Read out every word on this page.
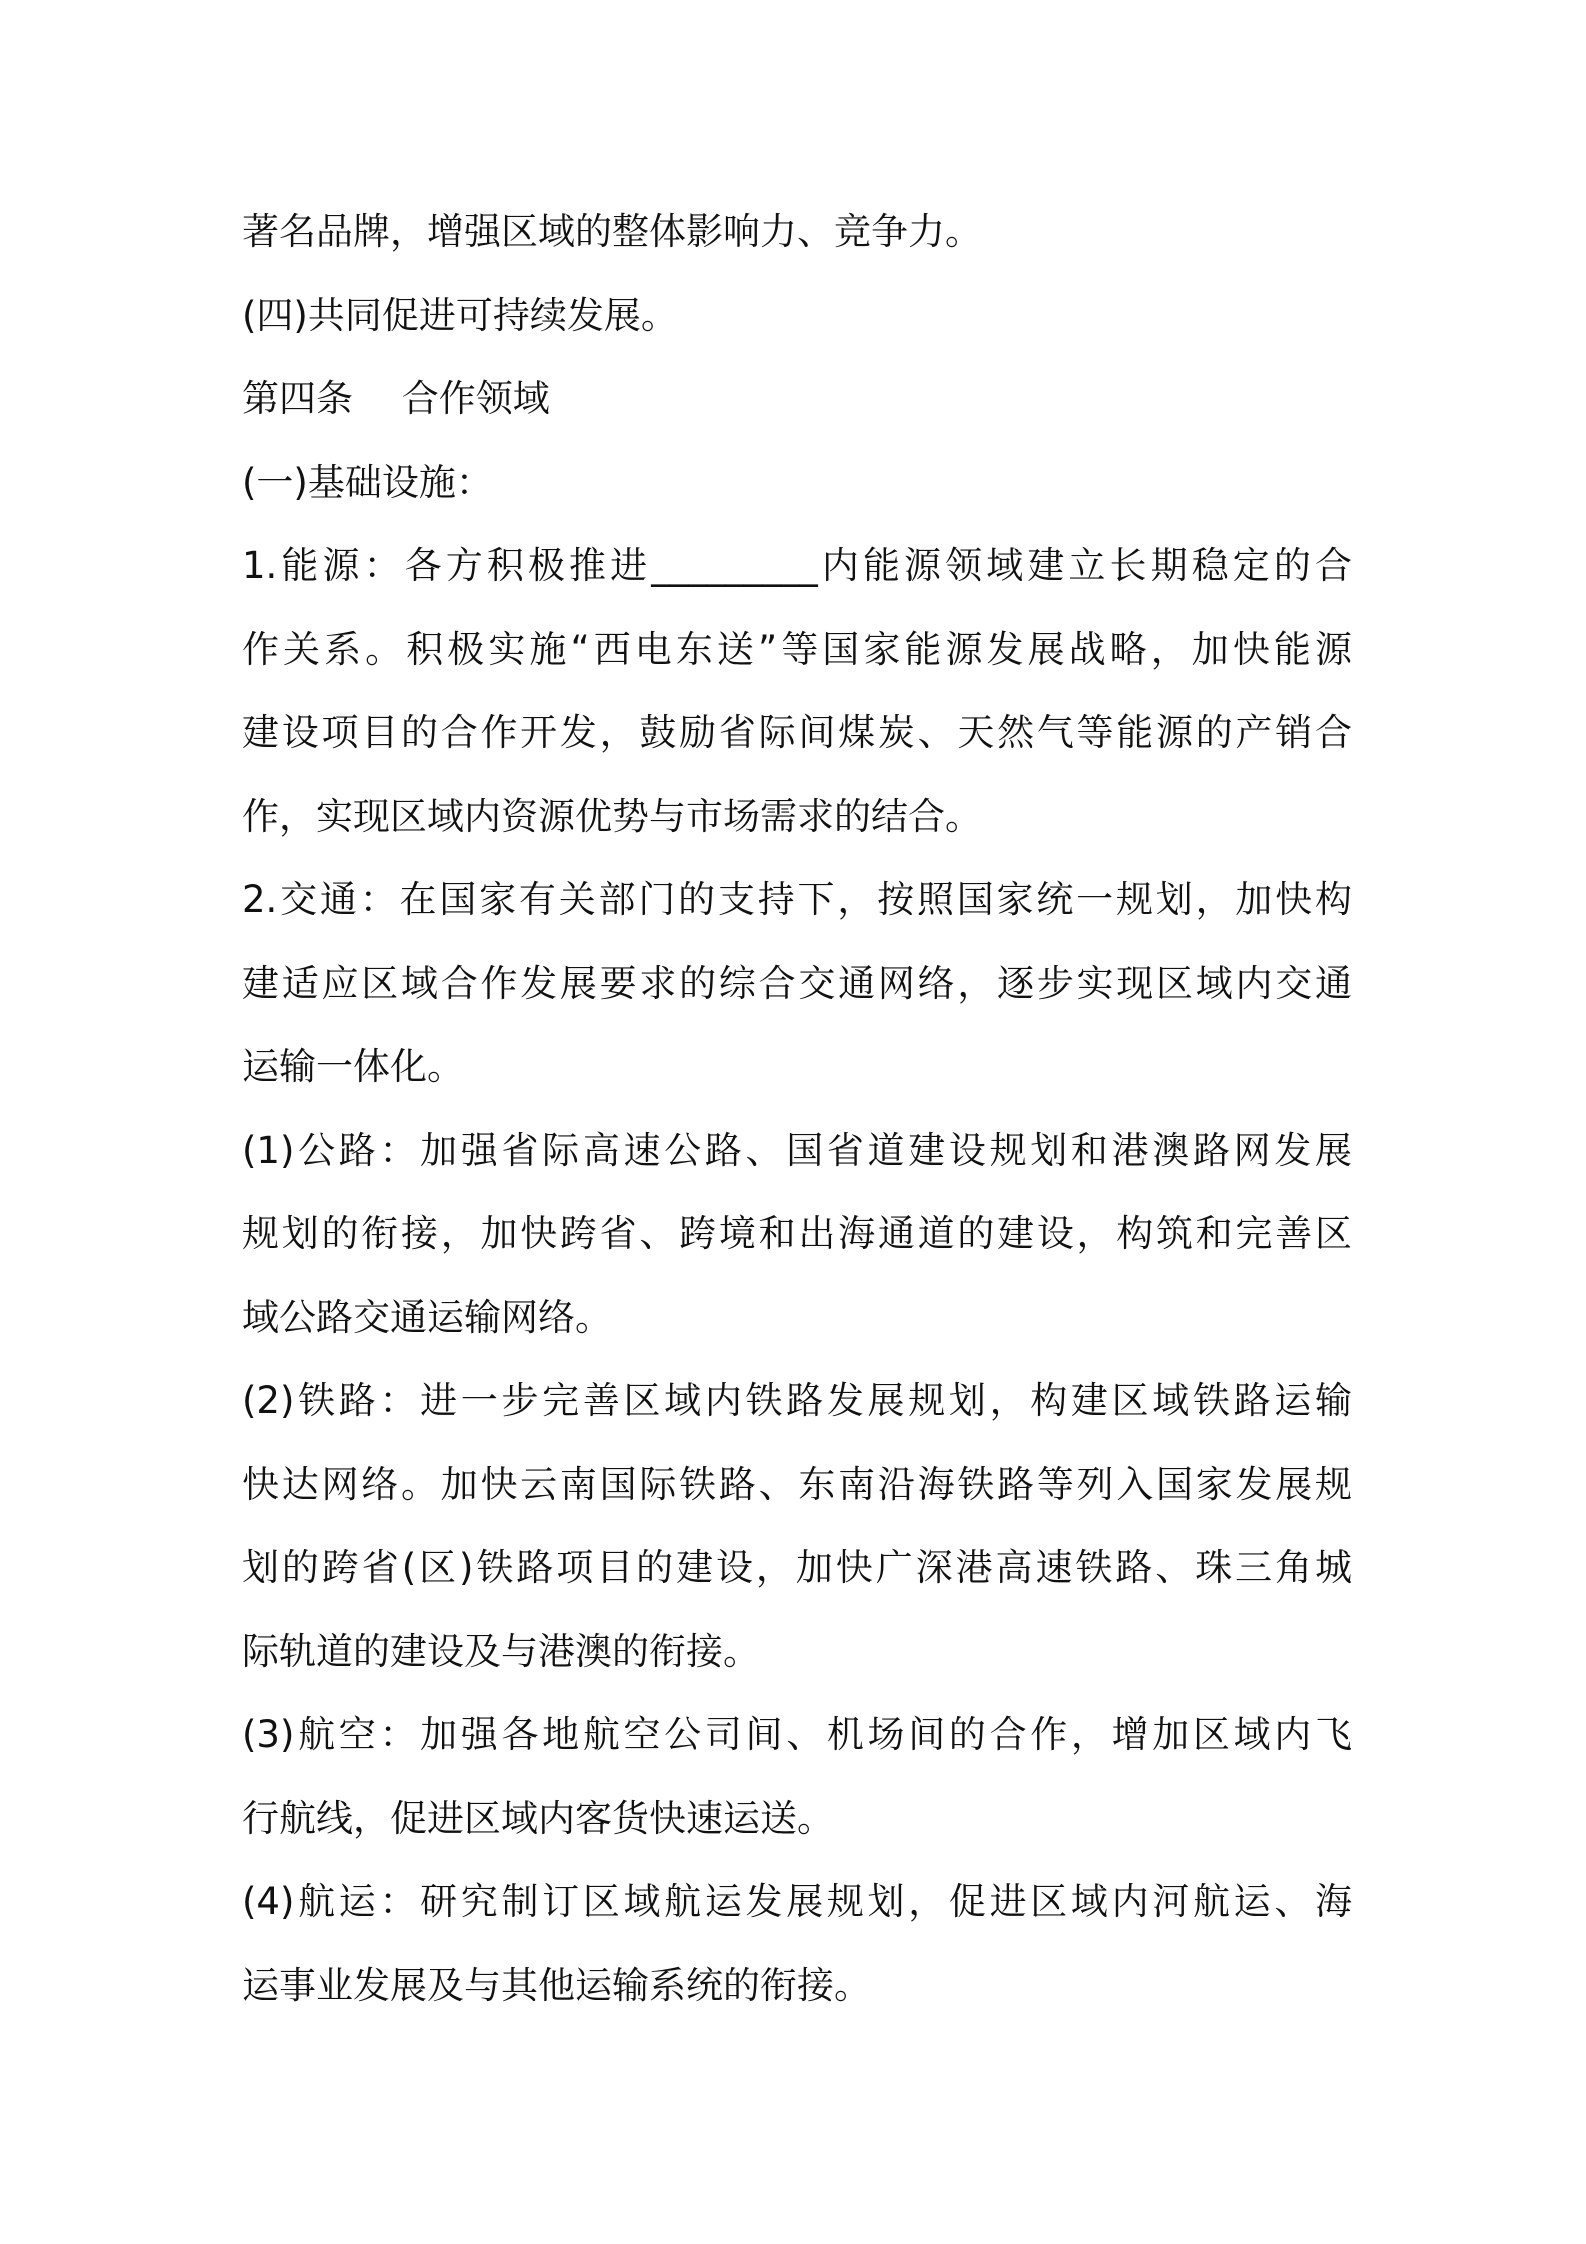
著名品牌，增强区域的整体影响力、竞争力。
(四)共同促进可持续发展。
第四条　 合作领域
(一)基础设施：
1.能源：各方积极推进_________内能源领域建立长期稳定的合
作关系。积极实施“西电东送”等国家能源发展战略，加快能源
建设项目的合作开发，鼓励省际间煤炭、天然气等能源的产销合
作，实现区域内资源优势与市场需求的结合。
2.交通：在国家有关部门的支持下，按照国家统一规划，加快构
建适应区域合作发展要求的综合交通网络，逐步实现区域内交通
运输一体化。
(1)公路：加强省际高速公路、国省道建设规划和港澳路网发展
规划的衔接，加快跨省、跨境和出海通道的建设，构筑和完善区
域公路交通运输网络。
(2)铁路：进一步完善区域内铁路发展规划，构建区域铁路运输
快达网络。加快云南国际铁路、东南沿海铁路等列入国家发展规
划的跨省(区)铁路项目的建设，加快广深港高速铁路、珠三角城
际轨道的建设及与港澳的衔接。
(3)航空：加强各地航空公司间、机场间的合作，增加区域内飞
行航线，促进区域内客货快速运送。
(4)航运：研究制订区域航运发展规划，促进区域内河航运、海
运事业发展及与其他运输系统的衔接。
